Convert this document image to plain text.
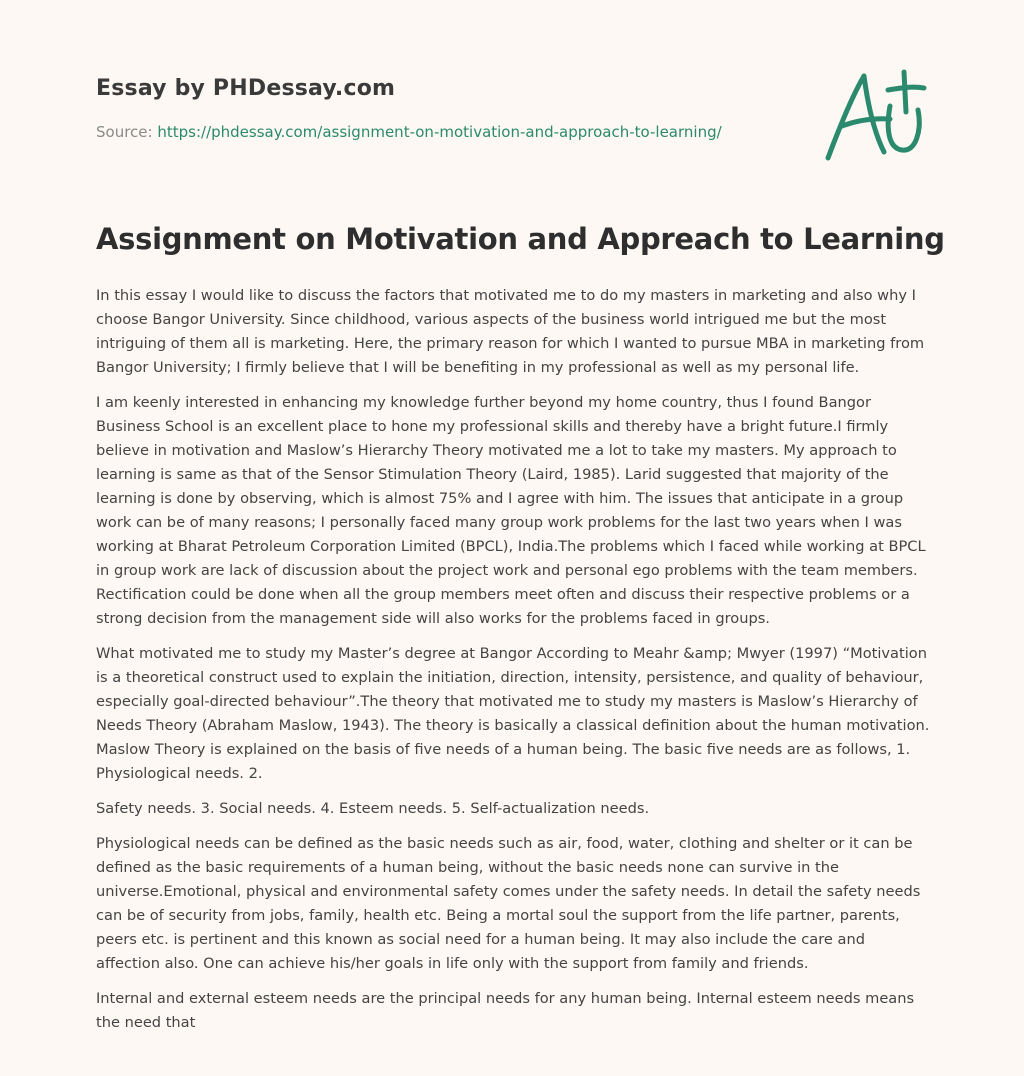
Essay by PHDessay.com
Source: https://phdessay.com/assignment-on-motivation-and-approach-to-learning/
Assignment on Motivation and Appreach to Learning

In this essay I would like to discuss the factors that motivated me to do my masters in marketing and also why I choose Bangor University. Since childhood, various aspects of the business world intrigued me but the most intriguing of them all is marketing. Here, the primary reason for which I wanted to pursue MBA in marketing from Bangor University; I firmly believe that I will be benefiting in my professional as well as my personal life.

I am keenly interested in enhancing my knowledge further beyond my home country, thus I found Bangor Business School is an excellent place to hone my professional skills and thereby have a bright future.I firmly believe in motivation and Maslow’s Hierarchy Theory motivated me a lot to take my masters. My approach to learning is same as that of the Sensor Stimulation Theory (Laird, 1985). Larid suggested that majority of the learning is done by observing, which is almost 75% and I agree with him. The issues that anticipate in a group work can be of many reasons; I personally faced many group work problems for the last two years when I was working at Bharat Petroleum Corporation Limited (BPCL), India.The problems which I faced while working at BPCL in group work are lack of discussion about the project work and personal ego problems with the team members. Rectification could be done when all the group members meet often and discuss their respective problems or a strong decision from the management side will also works for the problems faced in groups.

What motivated me to study my Master’s degree at Bangor According to Meahr &amp; Mwyer (1997) “Motivation is a theoretical construct used to explain the initiation, direction, intensity, persistence, and quality of behaviour, especially goal-directed behaviour”.The theory that motivated me to study my masters is Maslow’s Hierarchy of Needs Theory (Abraham Maslow, 1943). The theory is basically a classical definition about the human motivation. Maslow Theory is explained on the basis of five needs of a human being. The basic five needs are as follows, 1. Physiological needs. 2.

Safety needs. 3. Social needs. 4. Esteem needs. 5. Self-actualization needs.

Physiological needs can be defined as the basic needs such as air, food, water, clothing and shelter or it can be defined as the basic requirements of a human being, without the basic needs none can survive in the universe.Emotional, physical and environmental safety comes under the safety needs. In detail the safety needs can be of security from jobs, family, health etc. Being a mortal soul the support from the life partner, parents, peers etc. is pertinent and this known as social need for a human being. It may also include the care and affection also. One can achieve his/her goals in life only with the support from family and friends.

Internal and external esteem needs are the principal needs for any human being. Internal esteem needs means the need that
